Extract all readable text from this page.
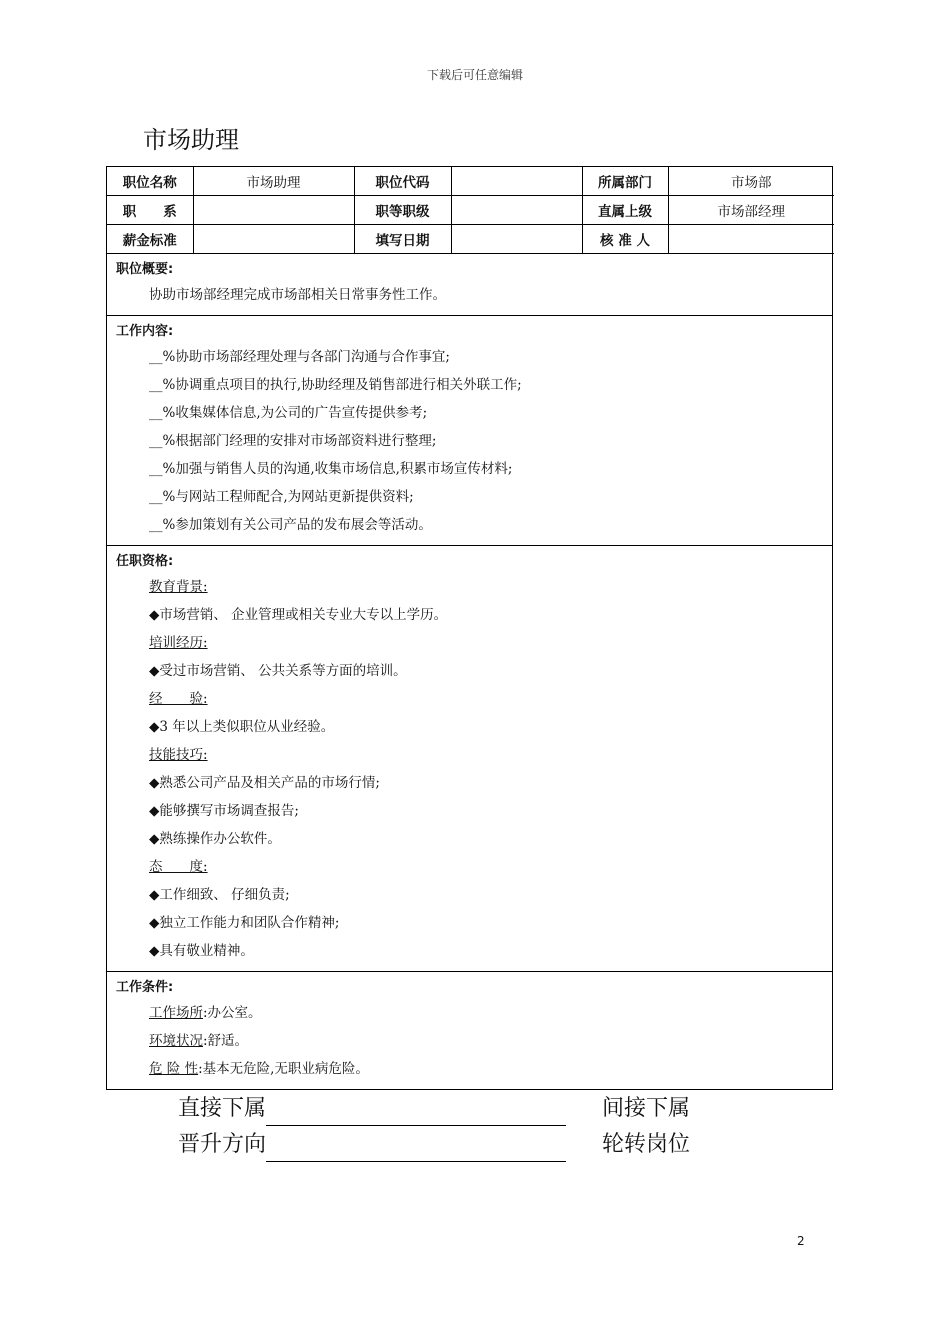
下载后可任意编辑
市场助理
职位名称	市场助理	职位代码		所属部门	市场部
职　　系		职等职级		直属上级	市场部经理
薪金标准		填写日期		核 准 人	
职位概要:
协助市场部经理完成市场部相关日常事务性工作。
工作内容:
__%协助市场部经理处理与各部门沟通与合作事宜;
__%协调重点项目的执行,协助经理及销售部进行相关外联工作;
__%收集媒体信息,为公司的广告宣传提供参考;
__%根据部门经理的安排对市场部资料进行整理;
__%加强与销售人员的沟通,收集市场信息,积累市场宣传材料;
__%与网站工程师配合,为网站更新提供资料;
__%参加策划有关公司产品的发布展会等活动。
任职资格:
教育背景:
◆市场营销、 企业管理或相关专业大专以上学历。
培训经历:
◆受过市场营销、 公共关系等方面的培训。
经　　验:
◆3 年以上类似职位从业经验。
技能技巧:
◆熟悉公司产品及相关产品的市场行情;
◆能够撰写市场调查报告;
◆熟练操作办公软件。
态　　度:
◆工作细致、 仔细负责;
◆独立工作能力和团队合作精神;
◆具有敬业精神。
工作条件:
工作场所:办公室。
环境状况:舒适。
危 险 性:基本无危险,无职业病危险。
直接下属	间接下属
晋升方向	轮转岗位
2
